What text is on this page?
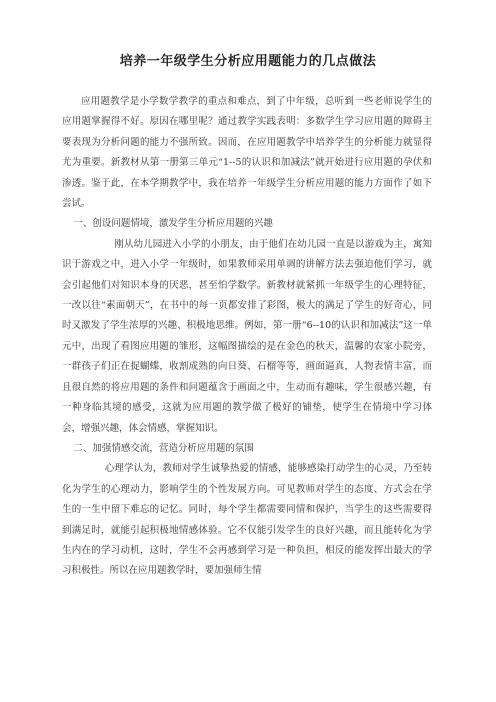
培养一年级学生分析应用题能力的几点做法

应用题教学是小学数学教学的重点和难点，到了中年级，总听到一些老师说学生的应用题掌握得不好。原因在哪里呢？通过教学实践表明：多数学生学习应用题的障碍主要表现为分析问题的能力不强所致。因而，在应用题教学中培养学生的分析能力就显得尤为重要。新教材从第一册第三单元“1--5的认识和加减法”就开始进行应用题的孕伏和渗透。鉴于此，在本学期教学中，我在培养一年级学生分析应用题的能力方面作了如下尝试。

一、创设问题情境，激发学生分析应用题的兴趣

刚从幼儿园进入小学的小朋友，由于他们在幼儿园一直是以游戏为主，寓知识于游戏之中，进入小学一年级时，如果教师采用单调的讲解方法去强迫他们学习，就会引起他们对知识本身的厌恶，甚至怕学数学。新教材就紧抓一年级学生的心理特征，一改以往“素面朝天”，在书中的每一页都安排了彩图，极大的满足了学生的好奇心，同时又激发了学生浓厚的兴趣、积极地思维。例如，第一册“6--10的认识和加减法”这一单元中，出现了看图应用题的雏形，这幅图描绘的是在金色的秋天，温馨的农家小院旁，一群孩子们正在捉蝴蝶，收割成熟的向日葵、石榴等等，画面逼真，人物表情丰富，而且很自然的将应用题的条件和问题蕴含于画面之中，生动而有趣味，学生很感兴趣，有一种身临其境的感受，这就为应用题的教学做了极好的铺垫，使学生在情境中学习体会，增强兴趣，体会情感，掌握知识。

二、加强情感交流，营造分析应用题的氛围

心理学认为，教师对学生诚挚热爱的情感，能够感染打动学生的心灵，乃至转化为学生的心理动力，影响学生的个性发展方向。可见教师对学生的态度、方式会在学生的一生中留下难忘的记忆。同时，每个学生都需要同情和保护，当学生的这些需要得到满足时，就能引起积极地情感体验。它不仅能引发学生的良好兴趣，而且能转化为学生内在的学习动机，这时，学生不会再感到学习是一种负担，相反的能发挥出最大的学习积极性。所以在应用题教学时，要加强师生情
